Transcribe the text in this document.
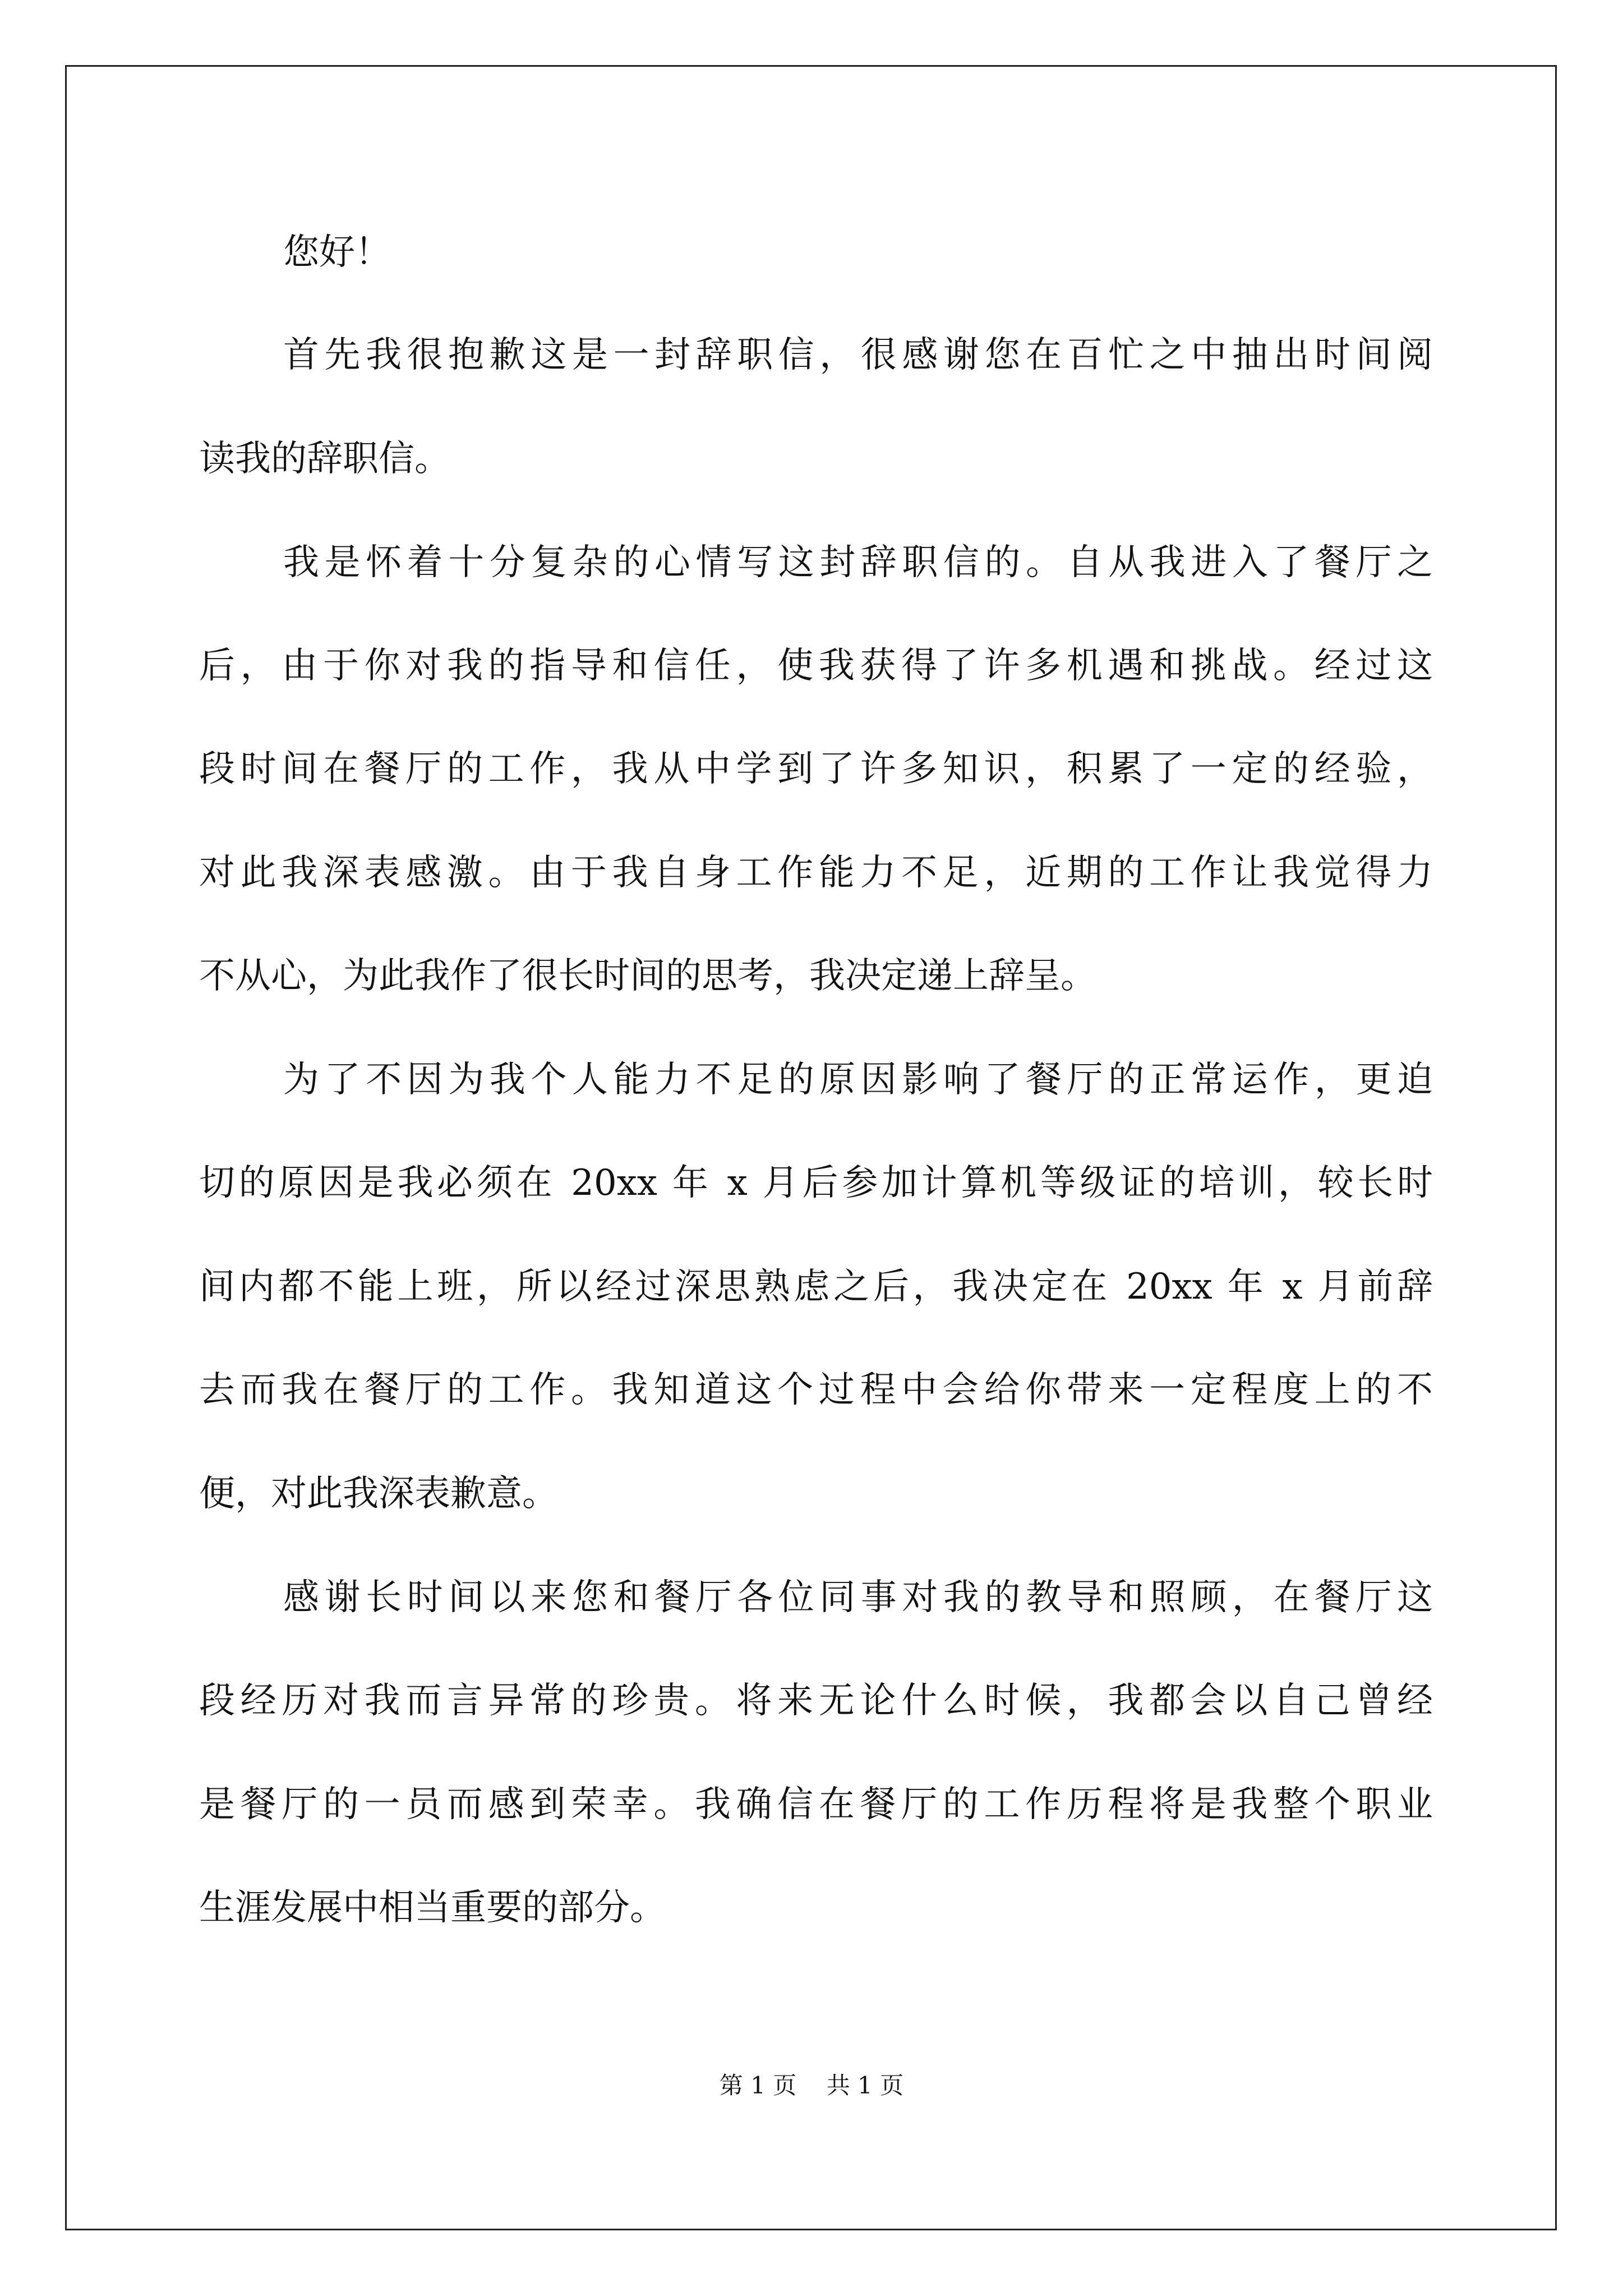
您好！
首先我很抱歉这是一封辞职信，很感谢您在百忙之中抽出时间阅
读我的辞职信。
我是怀着十分复杂的心情写这封辞职信的。自从我进入了餐厅之
后，由于你对我的指导和信任，使我获得了许多机遇和挑战。经过这
段时间在餐厅的工作，我从中学到了许多知识，积累了一定的经验，
对此我深表感激。由于我自身工作能力不足，近期的工作让我觉得力
不从心，为此我作了很长时间的思考，我决定递上辞呈。
为了不因为我个人能力不足的原因影响了餐厅的正常运作，更迫
切的原因是我必须在 20xx 年 x 月后参加计算机等级证的培训，较长时
间内都不能上班，所以经过深思熟虑之后，我决定在 20xx 年 x 月前辞
去而我在餐厅的工作。我知道这个过程中会给你带来一定程度上的不
便，对此我深表歉意。
感谢长时间以来您和餐厅各位同事对我的教导和照顾，在餐厅这
段经历对我而言异常的珍贵。将来无论什么时候，我都会以自己曾经
是餐厅的一员而感到荣幸。我确信在餐厅的工作历程将是我整个职业
生涯发展中相当重要的部分。
第 1 页 共 1 页
